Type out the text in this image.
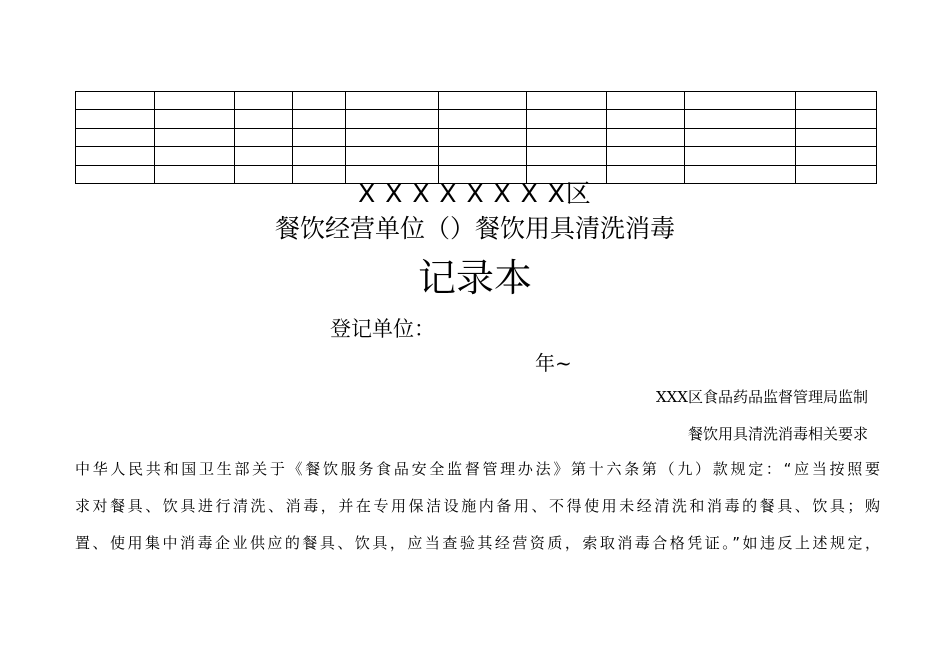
X X X X X X X X区
餐饮经营单位（）餐饮用具清洗消毒
记录本
登记单位：
年~
XXX区食品药品监督管理局监制
餐饮用具清洗消毒相关要求
中华人民共和国卫生部关于《餐饮服务食品安全监督管理办法》第十六条第（九）款规定：“应当按照要
求对餐具、饮具进行清洗、消毒，并在专用保洁设施内备用、不得使用未经清洗和消毒的餐具、饮具；购
置、使用集中消毒企业供应的餐具、饮具，应当查验其经营资质，索取消毒合格凭证。”如违反上述规定，
